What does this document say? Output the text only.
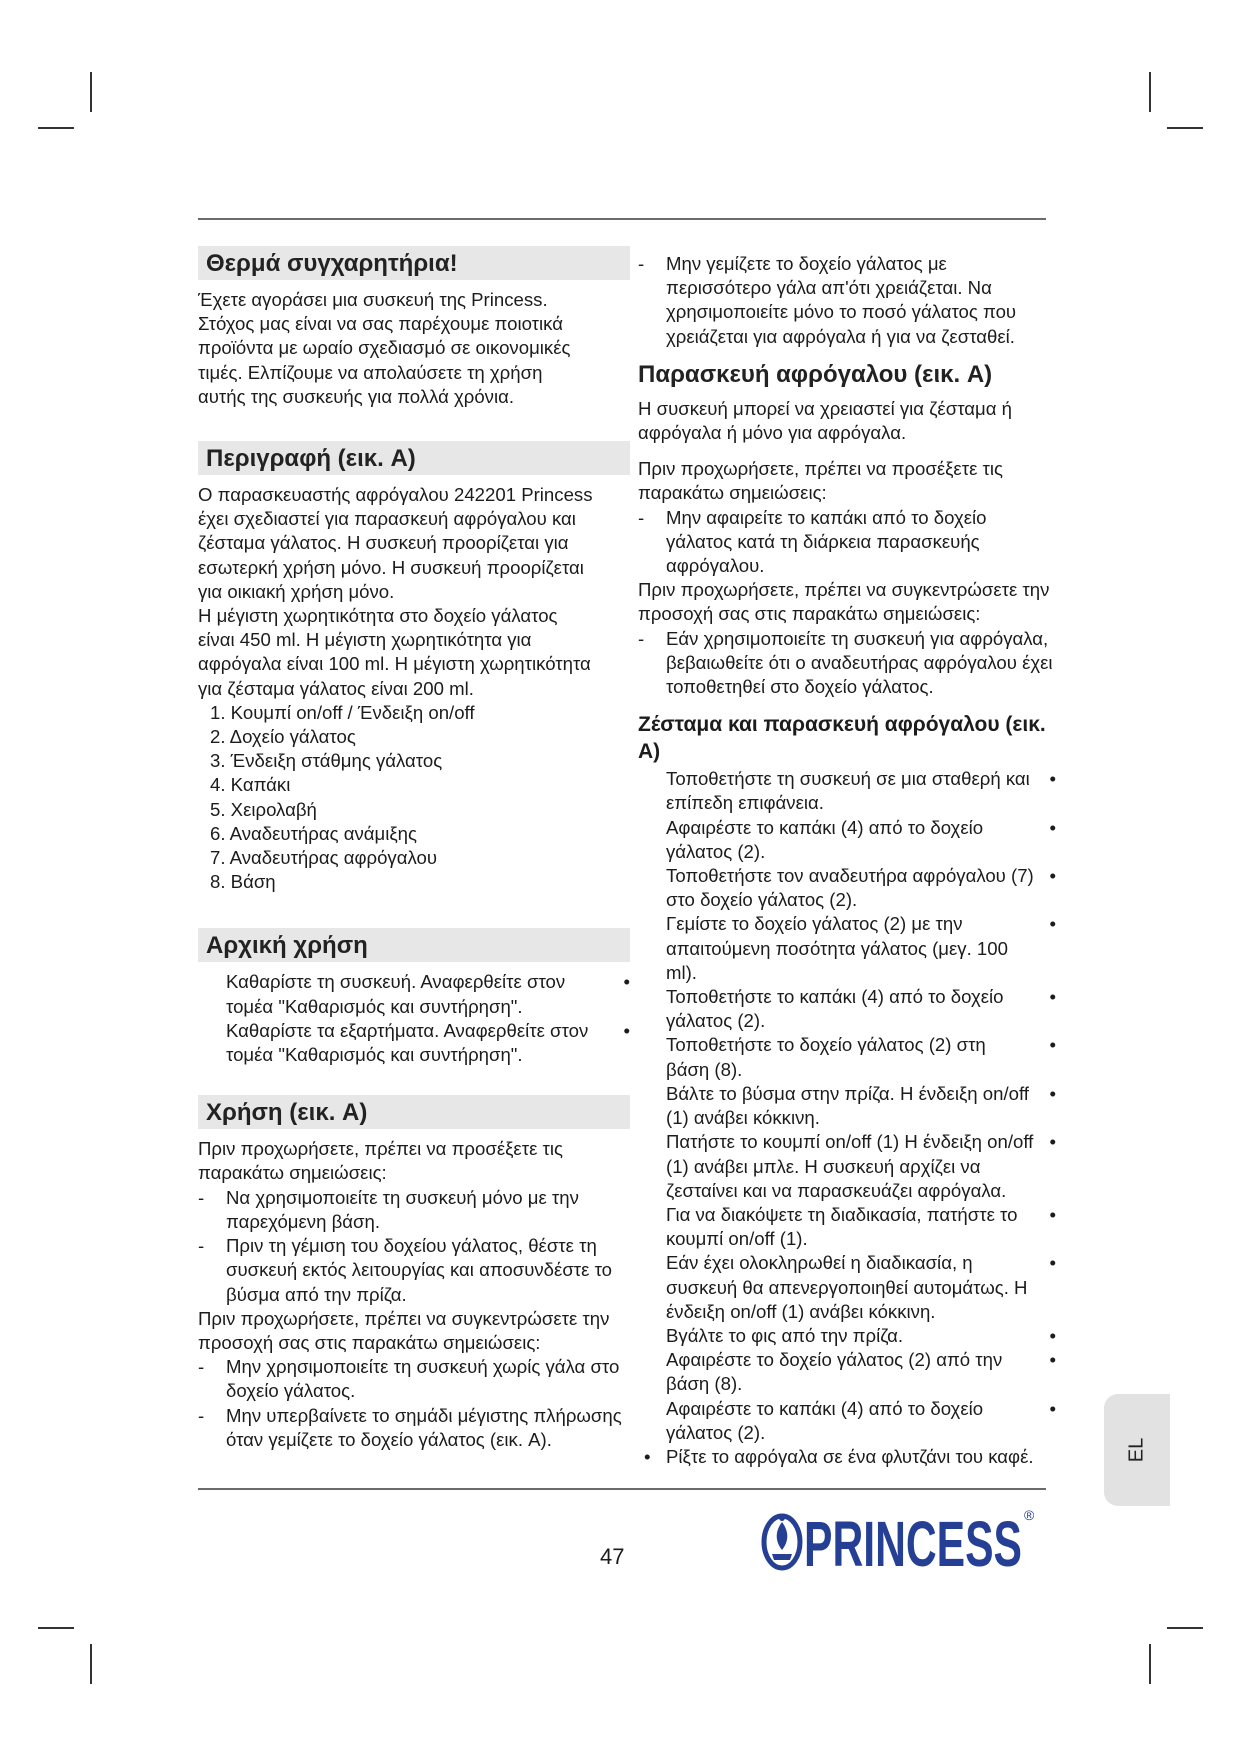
Θερμά συγχαρητήρια!

Έχετε αγοράσει μια συσκευή της Princess.

Στόχος μας είναι να σας παρέχουμε ποιοτικά

προϊόντα με ωραίο σχεδιασμό σε οικονομικές

τιμές. Ελπίζουμε να απολαύσετε τη χρήση

αυτής της συσκευής για πολλά χρόνια.

Περιγραφή (εικ. A)

Ο παρασκευαστής αφρόγαλου 242201 Princess

έχει σχεδιαστεί για παρασκευή αφρόγαλου και

ζέσταμα γάλατος. Η συσκευή προορίζεται για

εσωτερκή χρήση μόνο. Η συσκευή προορίζεται

για οικιακή χρήση μόνο.

Η μέγιστη χωρητικότητα στο δοχείο γάλατος

είναι 450 ml. Η μέγιστη χωρητικότητα για

αφρόγαλα είναι 100 ml. Η μέγιστη χωρητικότητα

για ζέσταμα γάλατος είναι 200 ml.

1. Κουμπί on/off / Ένδειξη on/off
2. Δοχείο γάλατος
3. Ένδειξη στάθμης γάλατος
4. Καπάκι
5. Χειρολαβή
6. Αναδευτήρας ανάμιξης
7. Αναδευτήρας αφρόγαλου
8. Βάση
Αρχική χρήση
Καθαρίστε τη συσκευή. Αναφερθείτε στον τομέα "Καθαρισμός και συντήρηση". •
Καθαρίστε τα εξαρτήματα. Αναφερθείτε στον τομέα "Καθαρισμός και συντήρηση". •
Χρήση (εικ. A)

Πριν προχωρήσετε, πρέπει να προσέξετε τις παρακάτω σημειώσεις:

- Να χρησιμοποιείτε τη συσκευή μόνο με την παρεχόμενη βάση.
- Πριν τη γέμιση του δοχείου γάλατος, θέστε τη συσκευή εκτός λειτουργίας και αποσυνδέστε το βύσμα από την πρίζα.

Πριν προχωρήσετε, πρέπει να συγκεντρώσετε την προσοχή σας στις παρακάτω σημειώσεις:

- Μην χρησιμοποιείτε τη συσκευή χωρίς γάλα στο δοχείο γάλατος.
- Μην υπερβαίνετε το σημάδι μέγιστης πλήρωσης όταν γεμίζετε το δοχείο γάλατος (εικ. A).
- Μην γεμίζετε το δοχείο γάλατος με περισσότερο γάλα απ'ότι χρειάζεται. Να χρησιμοποιείτε μόνο το ποσό γάλατος που χρειάζεται για αφρόγαλα ή για να ζεσταθεί.
Παρασκευή αφρόγαλου (εικ. A)

Η συσκευή μπορεί να χρειαστεί για ζέσταμα ή αφρόγαλα ή μόνο για αφρόγαλα.

Πριν προχωρήσετε, πρέπει να προσέξετε τις παρακάτω σημειώσεις:

- Μην αφαιρείτε το καπάκι από το δοχείο γάλατος κατά τη διάρκεια παρασκευής αφρόγαλου.

Πριν προχωρήσετε, πρέπει να συγκεντρώσετε την προσοχή σας στις παρακάτω σημειώσεις:

- Εάν χρησιμοποιείτε τη συσκευή για αφρόγαλα, βεβαιωθείτε ότι ο αναδευτήρας αφρόγαλου έχει τοποθετηθεί στο δοχείο γάλατος.
Ζέσταμα και παρασκευή αφρόγαλου (εικ. A)
Τοποθετήστε τη συσκευή σε μια σταθερή και επίπεδη επιφάνεια. •
Αφαιρέστε το καπάκι (4) από το δοχείο γάλατος (2). •
Τοποθετήστε τον αναδευτήρα αφρόγαλου (7) στο δοχείο γάλατος (2). •
Γεμίστε το δοχείο γάλατος (2) με την απαιτούμενη ποσότητα γάλατος (μεγ. 100 ml). •
Τοποθετήστε το καπάκι (4) από το δοχείο γάλατος (2). •
Τοποθετήστε το δοχείο γάλατος (2) στη βάση (8). •
Βάλτε το βύσμα στην πρίζα. Η ένδειξη on/off (1) ανάβει κόκκινη. •
Πατήστε το κουμπί on/off (1) Η ένδειξη on/off (1) ανάβει μπλε. Η συσκευή αρχίζει να ζεσταίνει και να παρασκευάζει αφρόγαλα. •
Για να διακόψετε τη διαδικασία, πατήστε το κουμπί on/off (1). •
Εάν έχει ολοκληρωθεί η διαδικασία, η συσκευή θα απενεργοποιηθεί αυτομάτως. Η ένδειξη on/off (1) ανάβει κόκκινη. •
Βγάλτε το φις από την πρίζα. •
Αφαιρέστε το δοχείο γάλατος (2) από την βάση (8). •
Αφαιρέστε το καπάκι (4) από το δοχείο γάλατος (2). •
• Ρίξτε το αφρόγαλα σε ένα φλυτζάνι του καφέ.
47	PRINCESS ®
EL
